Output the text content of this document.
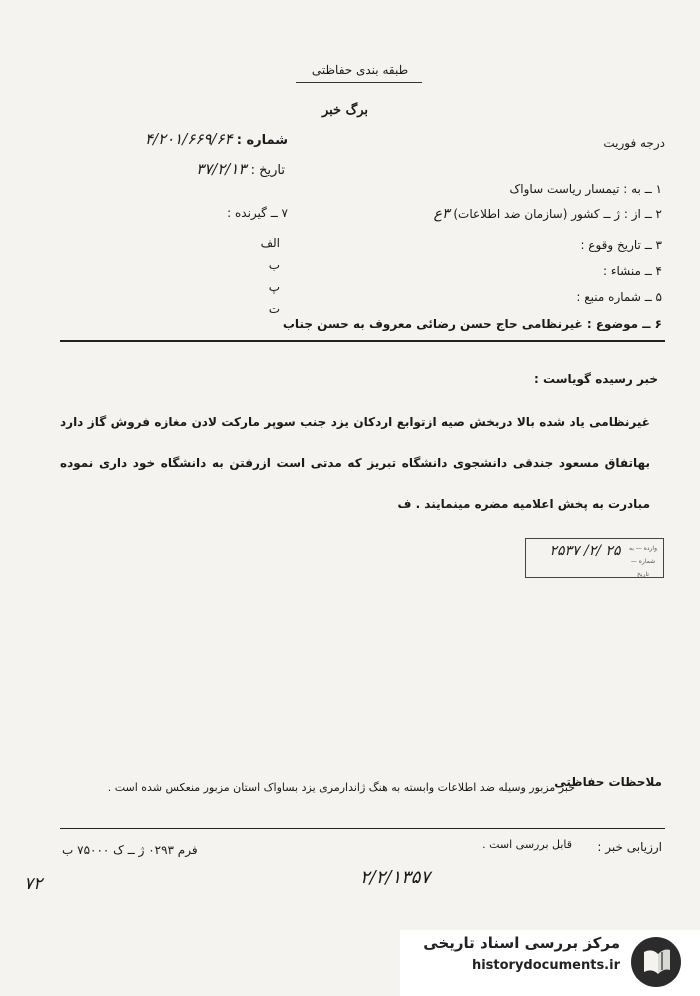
طبقه بندی حفاظتی
برگ خبر
درجه فوریت
شماره : ۴/۲۰۱/۶۶۹/۶۴
تاریخ : ۳۷/۲/۱۳
۱ ــ به : تیمسار ریاست ساواک
۲ ــ از : ژ ــ کشور (سازمان ضد اطلاعات) ۳ع
۷ ــ گیرنده :
الف
ب
پ
ت
۳ ــ تاریخ وقوع :
۴ ــ منشاء :
۵ ــ شماره منبع :
۶ ــ موضوع : غیرنظامی حاج حسن رضائی معروف به حسن جناب
خبر رسیده گویاست :
غیرنظامی یاد شده بالا دربخش صیه ازتوابع اردکان یزد جنب سوپر مارکت لادن مغازه فروش گاز دارد بهاتفاق مسعود جندقی دانشجوی دانشگاه تبریز که مدتی است ازرفتن به دانشگاه خود داری نموده مبادرت به پخش اعلامیه مضره مینمایند . ف
۲۵۳۷ /۲/ ۲۵	وارده — به شماره — تاریخ
ملاحظات حفاظتی
خبر مزبور وسیله ضد اطلاعات وابسته به هنگ ژاندارمری یزد بساواک استان مزبور منعکس شده است .
ارزیابی خبر :
قابل بررسی است .
فرم ۰۲۹۳ ژ ــ ک ۷۵۰۰۰ ب
۷۲	۲/۲/۱۳۵۷
مرکز بررسی اسناد تاریخی
historydocuments.ir
